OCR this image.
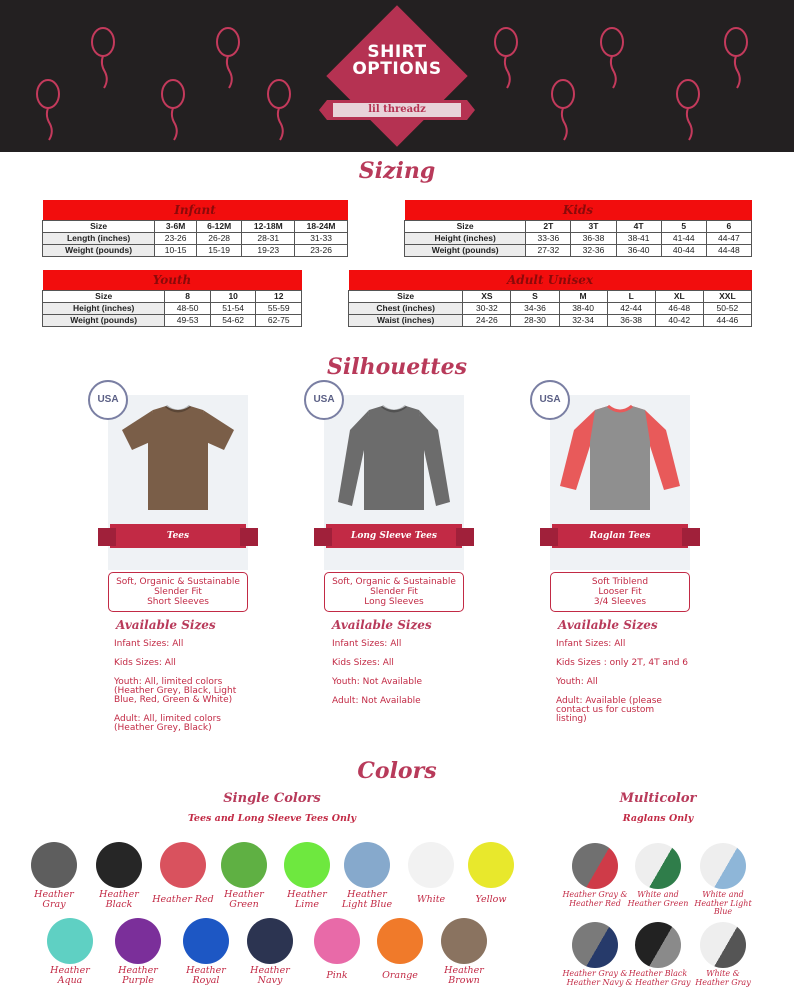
SHIRT
OPTIONS
lil threadz
Sizing
Infant				
Size	3-6M	6-12M	12-18M	18-24M
Length (inches)	23-26	26-28	28-31	31-33
Weight (pounds)	10-15	15-19	19-23	23-26
Kids					
Size	2T	3T	4T	5	6
Height (inches)	33-36	36-38	38-41	41-44	44-47
Weight (pounds)	27-32	32-36	36-40	40-44	44-48
Youth			
Size	8	10	12
Height (inches)	48-50	51-54	55-59
Weight (pounds)	49-53	54-62	62-75
Adult Unisex						
Size	XS	S	M	L	XL	XXL
Chest (inches)	30-32	34-36	38-40	42-44	46-48	50-52
Waist (inches)	24-26	28-30	32-34	36-38	40-42	44-46
Silhouettes
USA
Tees
Soft, Organic & Sustainable
Slender Fit
Short Sleeves
Available Sizes
Infant Sizes: All
Kids Sizes: All
Youth: All, limited colors
(Heather Grey, Black, Light
Blue, Red, Green & White)
Adult: All, limited colors
(Heather Grey, Black)
USA
Long Sleeve Tees
Soft, Organic & Sustainable
Slender Fit
Long Sleeves
Available Sizes
Infant Sizes: All
Kids Sizes: All
Youth: Not Available
Adult: Not Available
USA
Raglan Tees
Soft Triblend
Looser Fit
3/4 Sleeves
Available Sizes
Infant Sizes: All
Kids Sizes : only 2T, 4T and 6
Youth: All
Adult: Available (please
contact us for custom
listing)
Colors
Single Colors
Tees and Long Sleeve Tees Only
Multicolor
Raglans Only
Heather
Gray
Heather
Black	Heather Red	Heather
Green
Heather
Lime
Heather
Light Blue	White	Yellow
Heather
Aqua
Heather
Purple
Heather
Royal
Heather
Navy	Pink	Orange	Heather
Brown
Heather Gray &
Heather Red
White and
Heather Green
White and
Heather Light
Blue
Heather Gray &
Heather Navy
Heather Black
& Heather Gray
White &
Heather Gray
